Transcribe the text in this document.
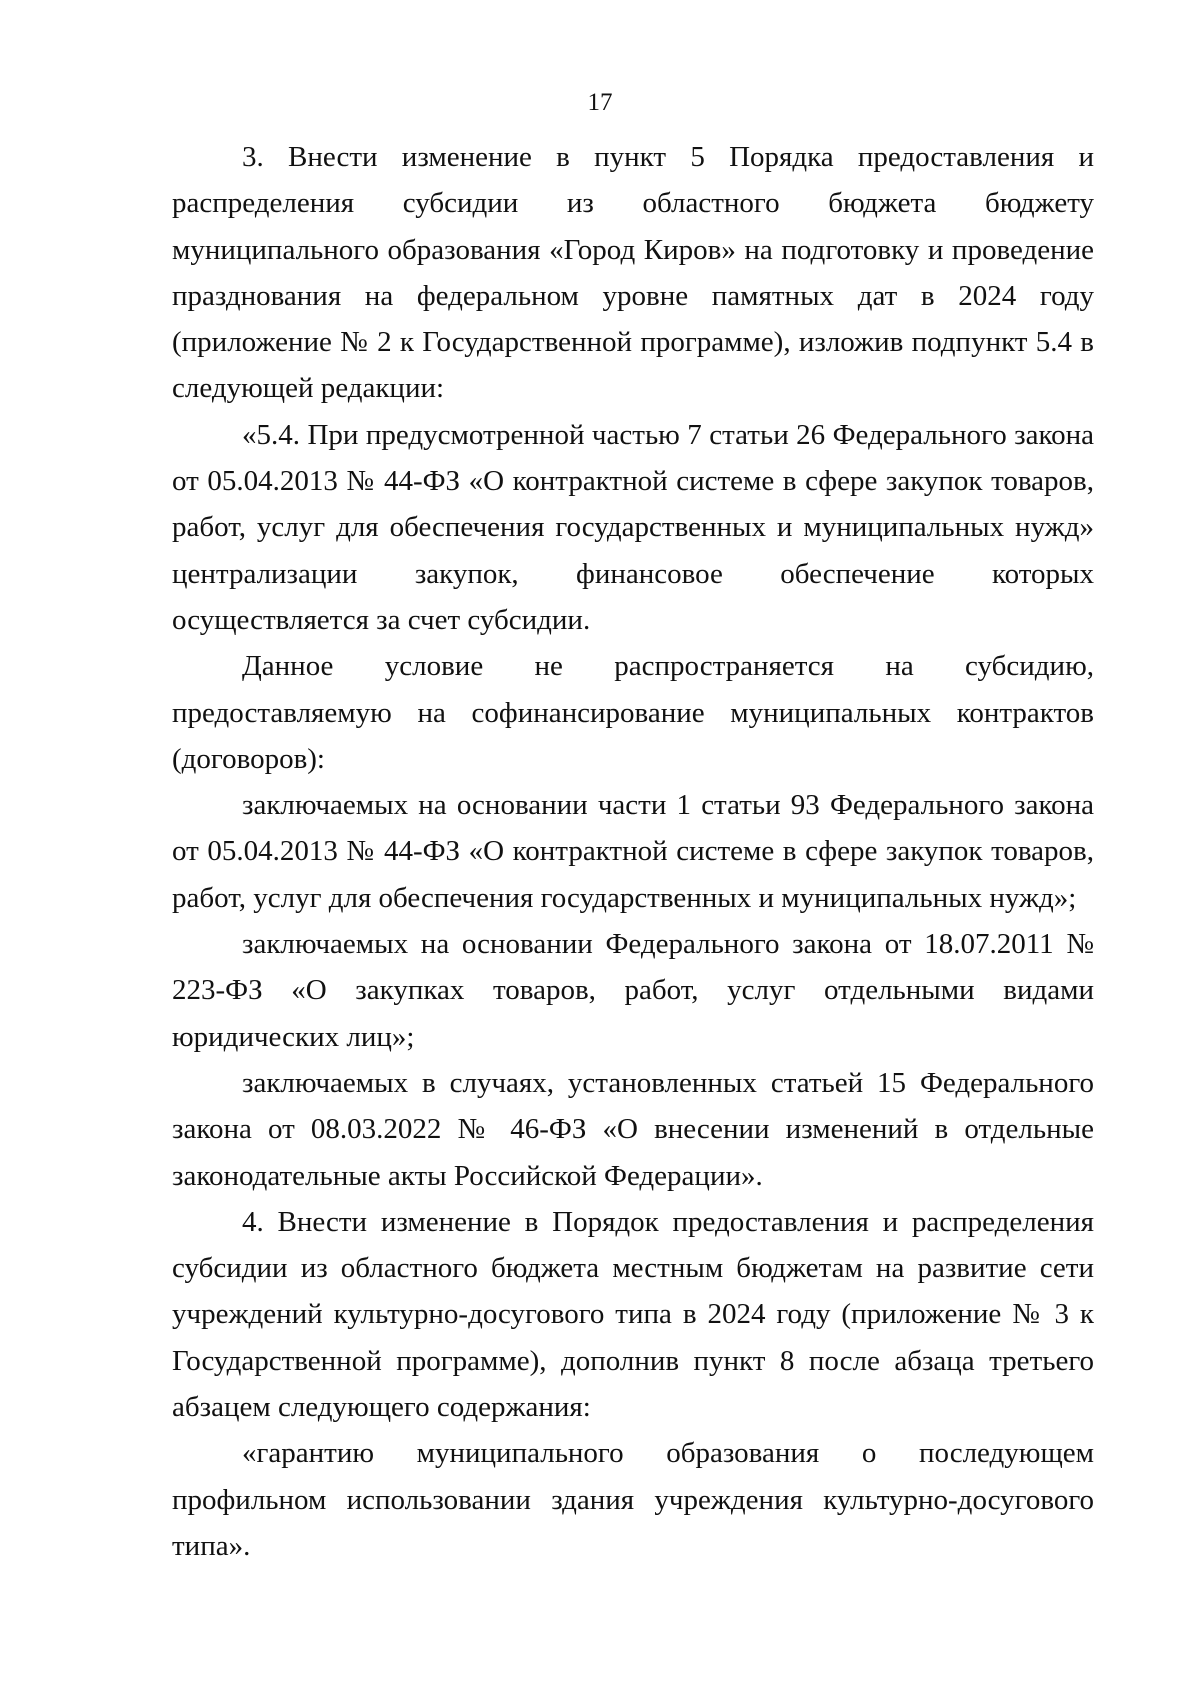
17

3. Внести изменение в пункт 5 Порядка предоставления и распределения субсидии из областного бюджета бюджету муниципального образования «Город Киров» на подготовку и проведение празднования на федеральном уровне памятных дат в 2024 году (приложение № 2 к Государственной программе), изложив подпункт 5.4 в следующей редакции:

«5.4. При предусмотренной частью 7 статьи 26 Федерального закона от 05.04.2013 № 44-ФЗ «О контрактной системе в сфере закупок товаров, работ, услуг для обеспечения государственных и муниципальных нужд» централизации закупок, финансовое обеспечение которых осуществляется за счет субсидии.

Данное условие не распространяется на субсидию, предоставляемую на софинансирование муниципальных контрактов (договоров):

заключаемых на основании части 1 статьи 93 Федерального закона от 05.04.2013 № 44-ФЗ «О контрактной системе в сфере закупок товаров, работ, услуг для обеспечения государственных и муниципальных нужд»;

заключаемых на основании Федерального закона от 18.07.2011 № 223-ФЗ «О закупках товаров, работ, услуг отдельными видами юридических лиц»;

заключаемых в случаях, установленных статьей 15 Федерального закона от 08.03.2022 № 46-ФЗ «О внесении изменений в отдельные законодательные акты Российской Федерации».

4. Внести изменение в Порядок предоставления и распределения субсидии из областного бюджета местным бюджетам на развитие сети учреждений культурно-досугового типа в 2024 году (приложение № 3 к Государственной программе), дополнив пункт 8 после абзаца третьего абзацем следующего содержания:

«гарантию муниципального образования о последующем профильном использовании здания учреждения культурно-досугового типа».
